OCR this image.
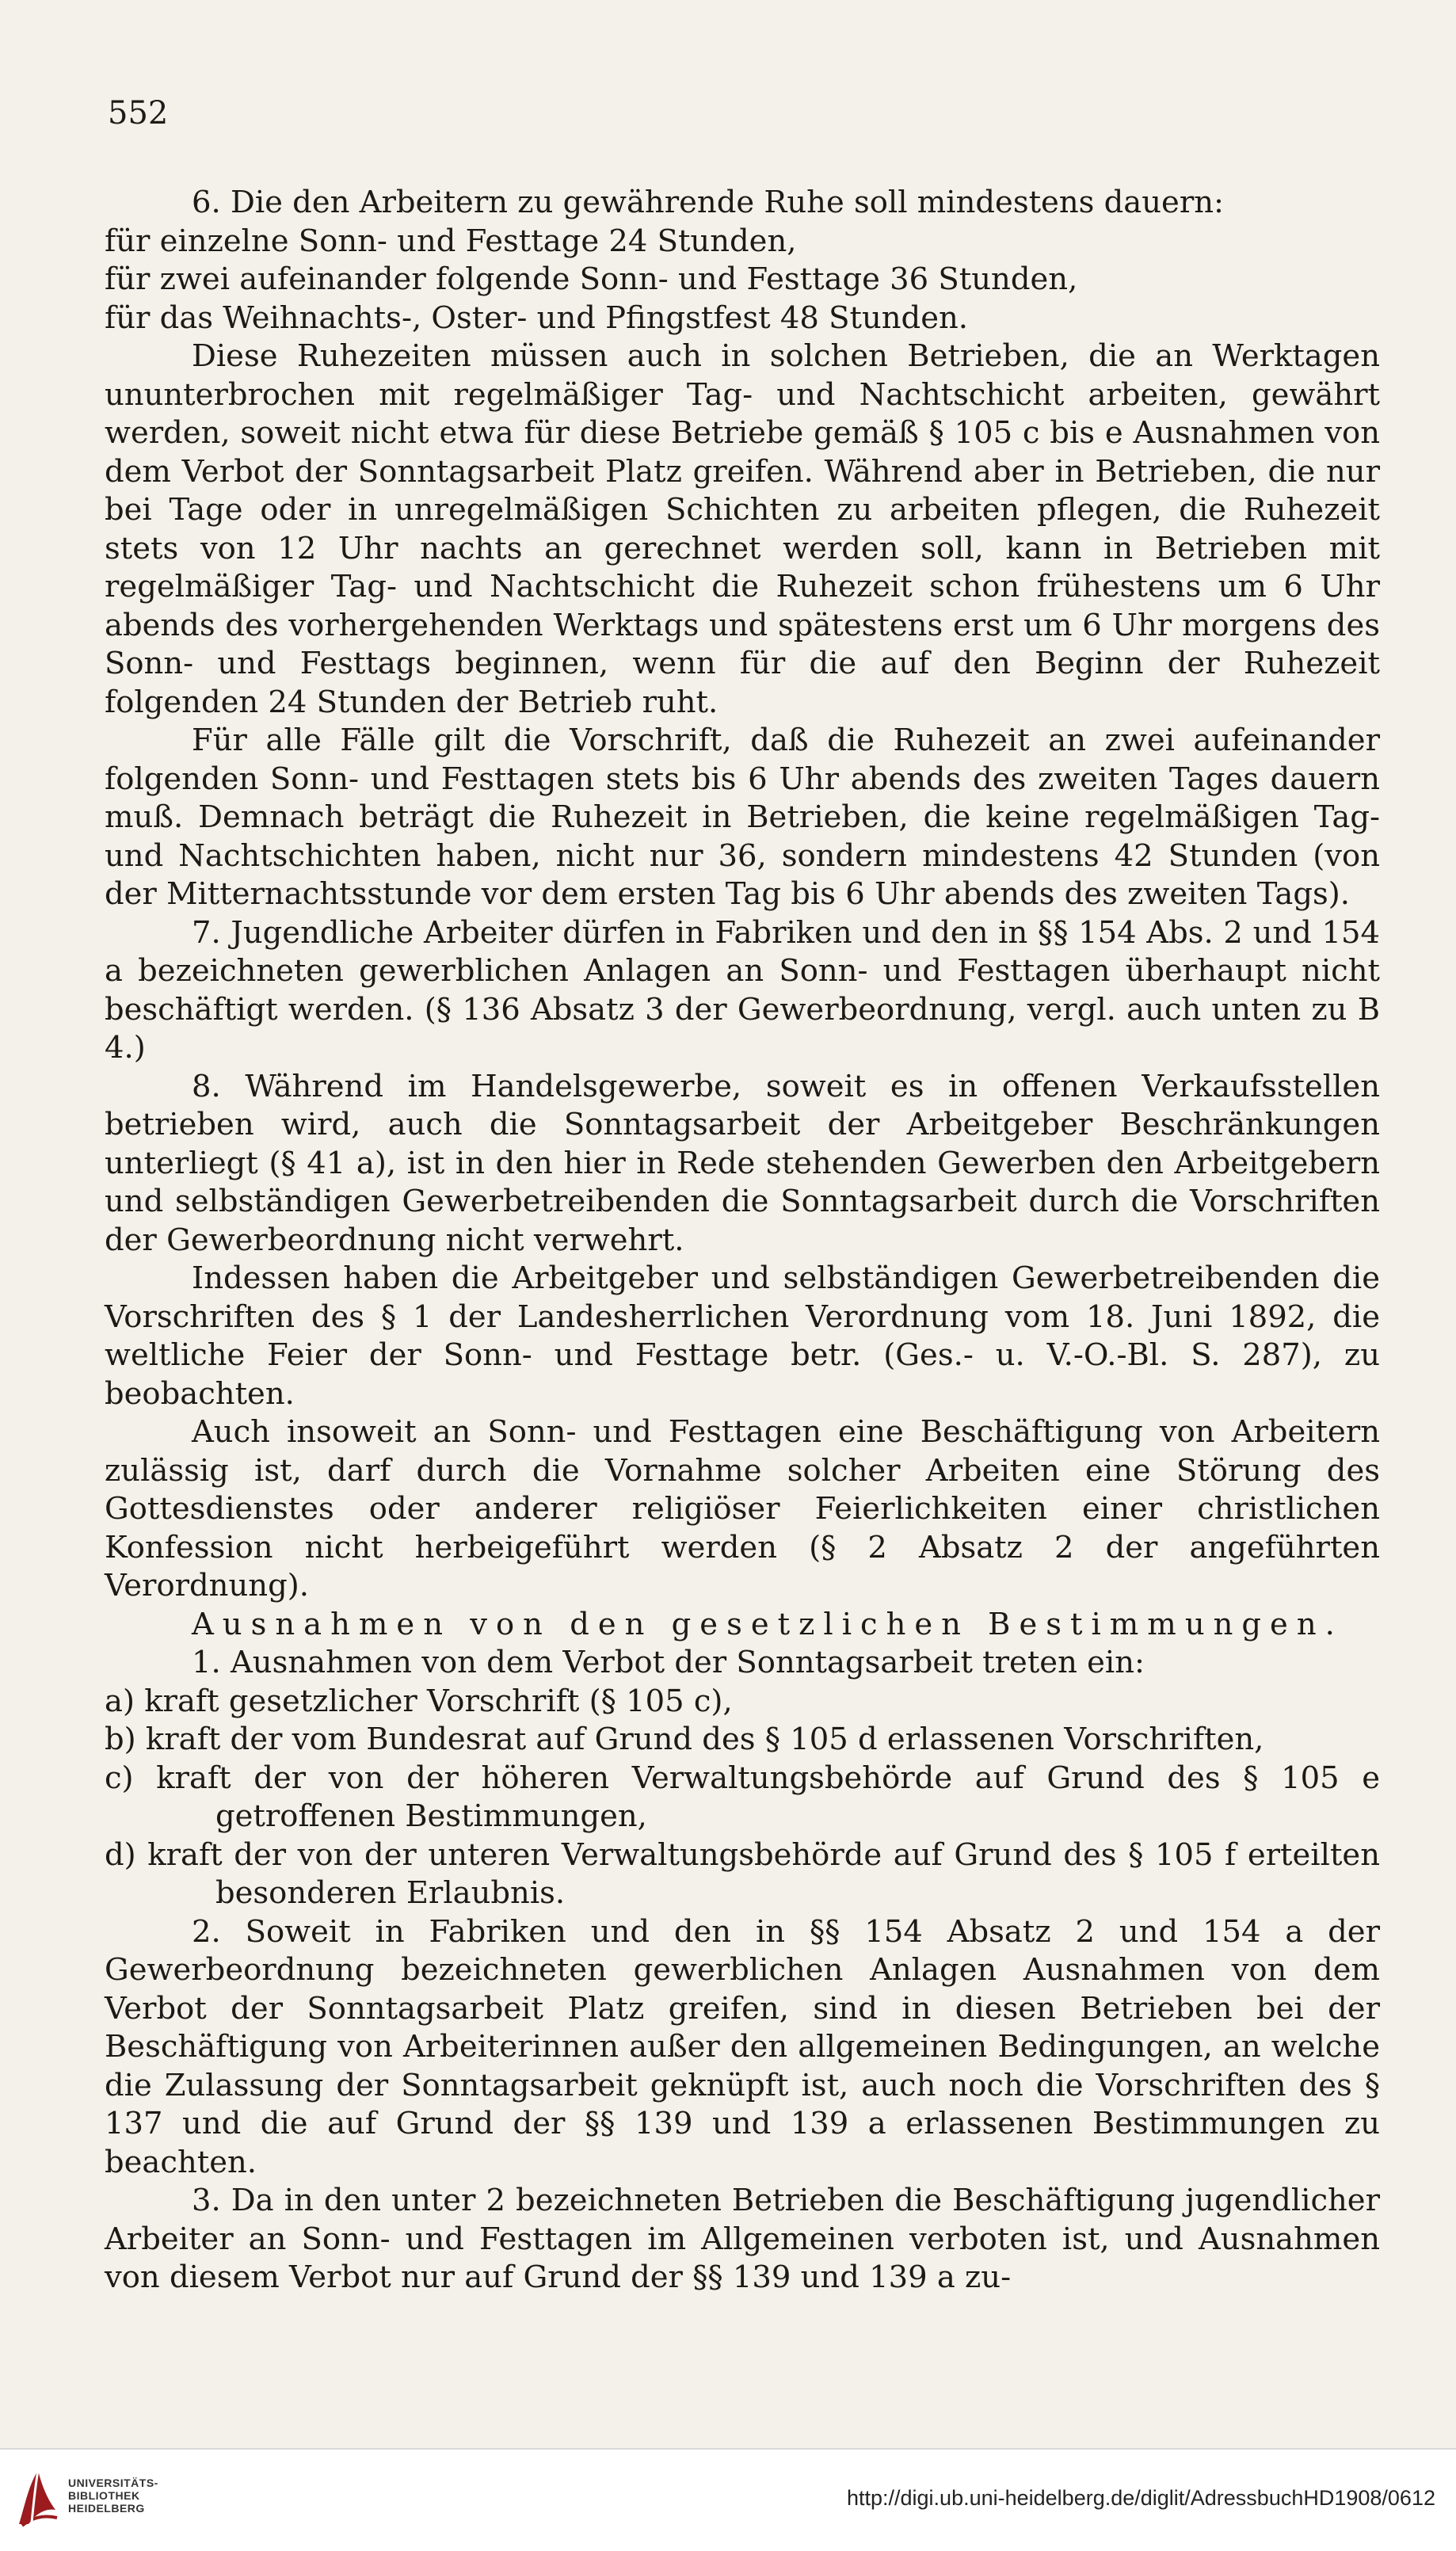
552

6. Die den Arbeitern zu gewährende Ruhe soll mindestens dauern:

für einzelne Sonn- und Festtage 24 Stunden,

für zwei aufeinander folgende Sonn- und Festtage 36 Stunden,

für das Weihnachts-, Oster- und Pfingstfest 48 Stunden.

Diese Ruhezeiten müssen auch in solchen Betrieben, die an Werktagen ununterbrochen mit regelmäßiger Tag- und Nachtschicht arbeiten, gewährt werden, soweit nicht etwa für diese Betriebe gemäß § 105 c bis e Ausnahmen von dem Verbot der Sonntagsarbeit Platz greifen. Während aber in Betrieben, die nur bei Tage oder in unregelmäßigen Schichten zu arbeiten pflegen, die Ruhezeit stets von 12 Uhr nachts an gerechnet werden soll, kann in Betrieben mit regelmäßiger Tag- und Nachtschicht die Ruhezeit schon frühestens um 6 Uhr abends des vorhergehenden Werktags und spätestens erst um 6 Uhr morgens des Sonn- und Festtags beginnen, wenn für die auf den Beginn der Ruhezeit folgenden 24 Stunden der Betrieb ruht.

Für alle Fälle gilt die Vorschrift, daß die Ruhezeit an zwei aufeinander folgenden Sonn- und Festtagen stets bis 6 Uhr abends des zweiten Tages dauern muß. Demnach beträgt die Ruhezeit in Betrieben, die keine regelmäßigen Tag- und Nachtschichten haben, nicht nur 36, sondern mindestens 42 Stunden (von der Mitternachtsstunde vor dem ersten Tag bis 6 Uhr abends des zweiten Tags).

7. Jugendliche Arbeiter dürfen in Fabriken und den in §§ 154 Abs. 2 und 154 a bezeichneten gewerblichen Anlagen an Sonn- und Festtagen überhaupt nicht beschäftigt werden. (§ 136 Absatz 3 der Gewerbeordnung, vergl. auch unten zu B 4.)

8. Während im Handelsgewerbe, soweit es in offenen Verkaufsstellen betrieben wird, auch die Sonntagsarbeit der Arbeitgeber Beschränkungen unterliegt (§ 41 a), ist in den hier in Rede stehenden Gewerben den Arbeitgebern und selbständigen Gewerbetreibenden die Sonntagsarbeit durch die Vorschriften der Gewerbeordnung nicht verwehrt.

Indessen haben die Arbeitgeber und selbständigen Gewerbetreibenden die Vorschriften des § 1 der Landesherrlichen Verordnung vom 18. Juni 1892, die weltliche Feier der Sonn- und Festtage betr. (Ges.- u. V.-O.-Bl. S. 287), zu beobachten.

Auch insoweit an Sonn- und Festtagen eine Beschäftigung von Arbeitern zulässig ist, darf durch die Vornahme solcher Arbeiten eine Störung des Gottesdienstes oder anderer religiöser Feierlichkeiten einer christlichen Konfession nicht herbeigeführt werden (§ 2 Absatz 2 der angeführten Verordnung).

Ausnahmen von den gesetzlichen Bestimmungen.

1. Ausnahmen von dem Verbot der Sonntagsarbeit treten ein:

a) kraft gesetzlicher Vorschrift (§ 105 c),

b) kraft der vom Bundesrat auf Grund des § 105 d erlassenen Vorschriften,

c) kraft der von der höheren Verwaltungsbehörde auf Grund des § 105 e getroffenen Bestimmungen,

d) kraft der von der unteren Verwaltungsbehörde auf Grund des § 105 f erteilten besonderen Erlaubnis.

2. Soweit in Fabriken und den in §§ 154 Absatz 2 und 154 a der Gewerbeordnung bezeichneten gewerblichen Anlagen Ausnahmen von dem Verbot der Sonntagsarbeit Platz greifen, sind in diesen Betrieben bei der Beschäftigung von Arbeiterinnen außer den allgemeinen Bedingungen, an welche die Zulassung der Sonntagsarbeit geknüpft ist, auch noch die Vorschriften des § 137 und die auf Grund der §§ 139 und 139 a erlassenen Bestimmungen zu beachten.

3. Da in den unter 2 bezeichneten Betrieben die Beschäftigung jugendlicher Arbeiter an Sonn- und Festtagen im Allgemeinen verboten ist, und Ausnahmen von diesem Verbot nur auf Grund der §§ 139 und 139 a zu-

UNIVERSITÄTS-
BIBLIOTHEK
HEIDELBERG	http://digi.ub.uni-heidelberg.de/diglit/AdressbuchHD1908/0612
